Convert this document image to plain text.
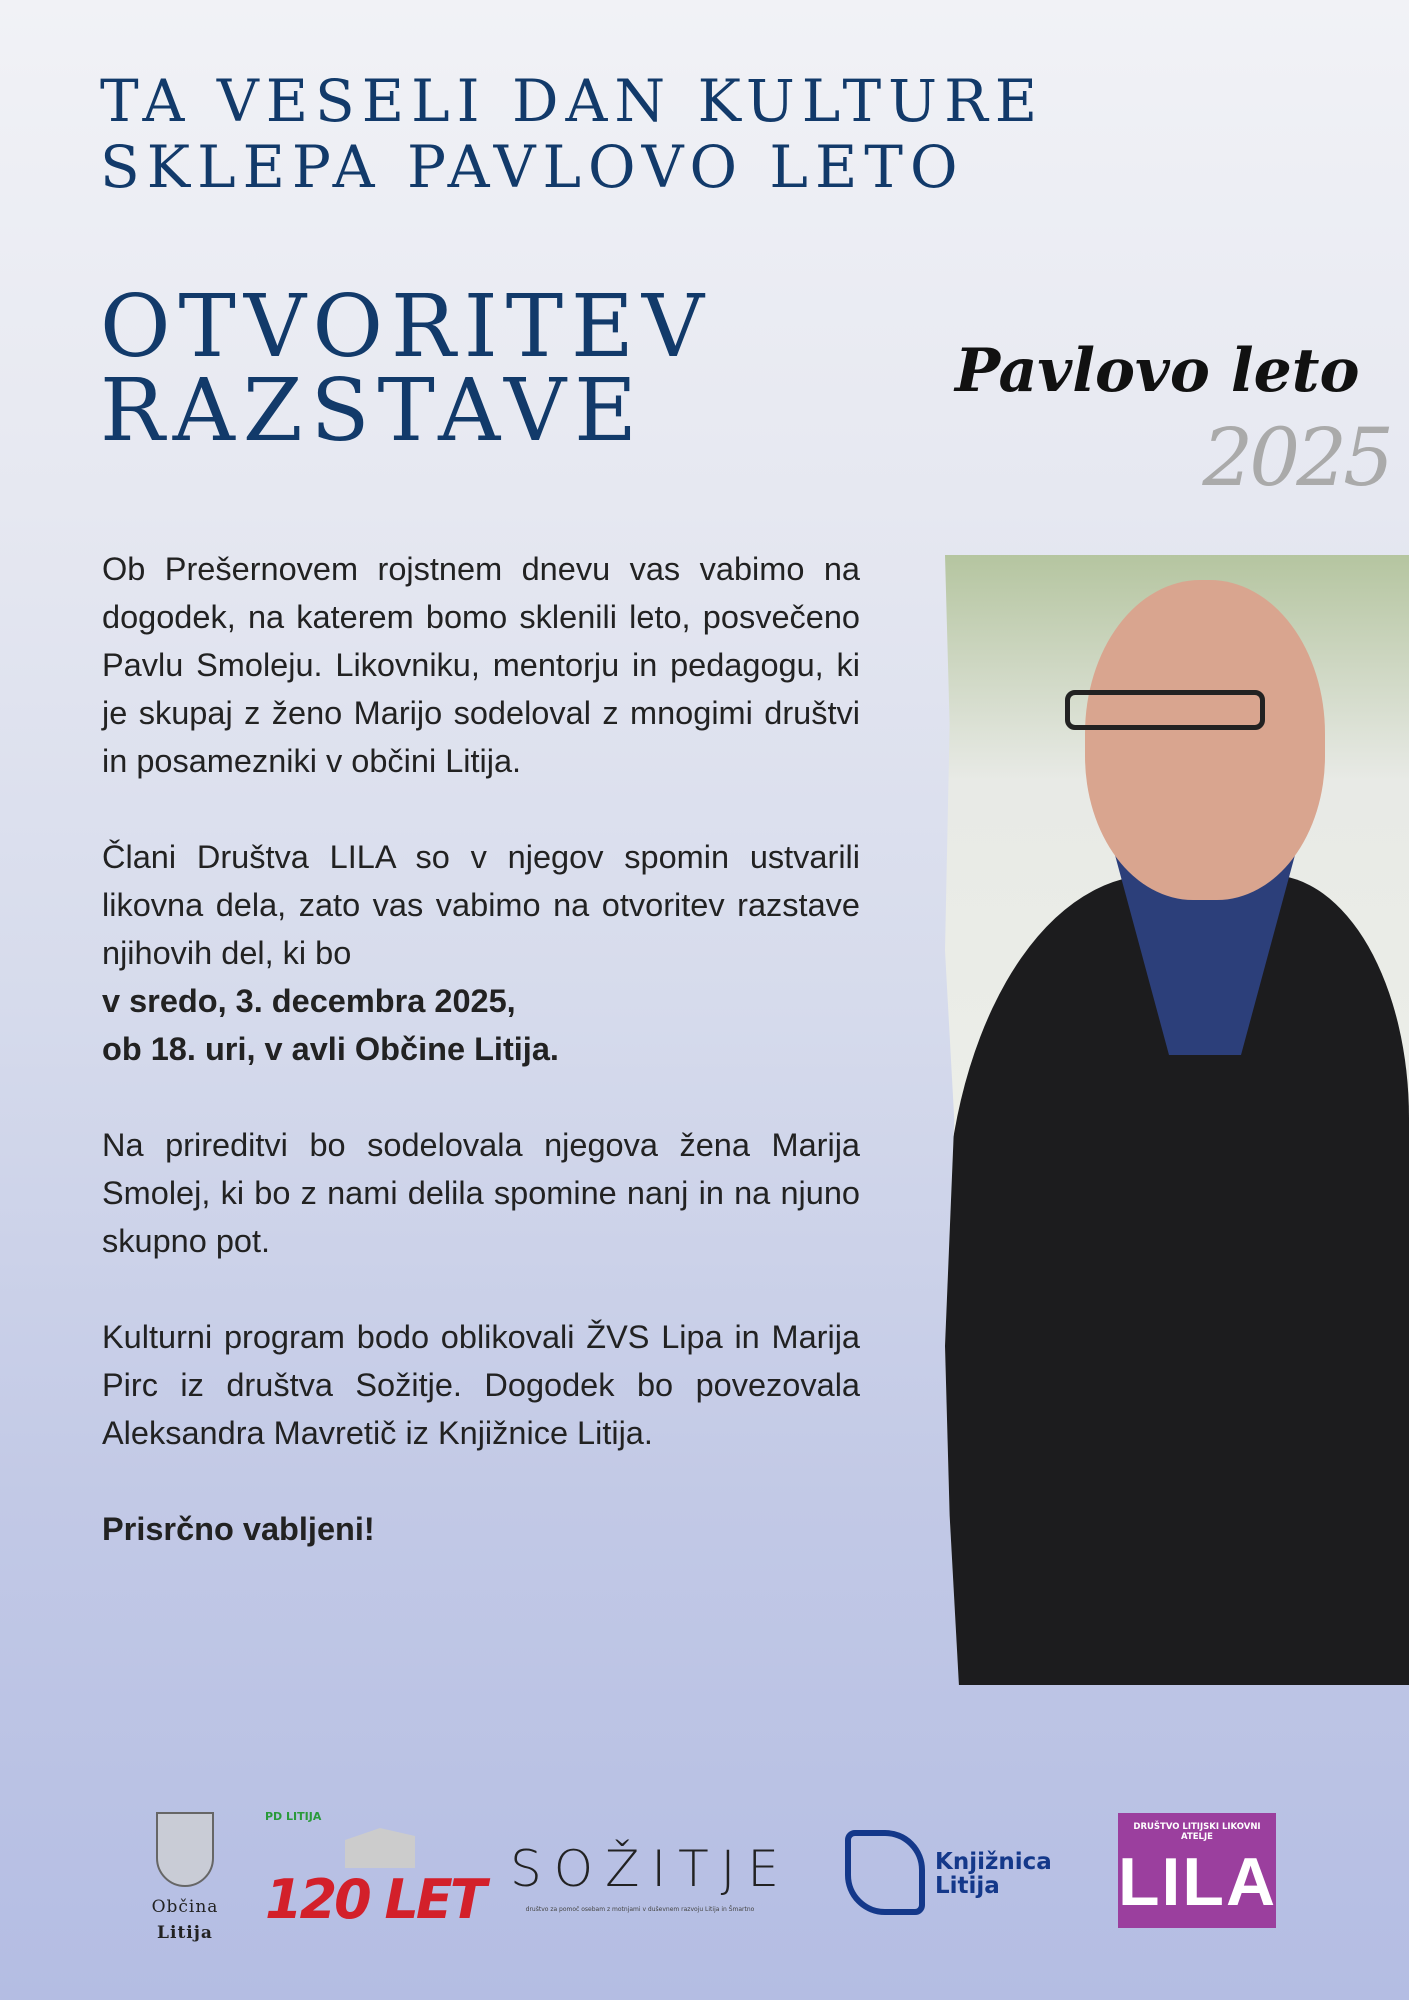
TA VESELI DAN KULTURE
SKLEPA PAVLOVO LETO
OTVORITEV
RAZSTAVE	Pavlovo leto
2025

Ob Prešernovem rojstnem dnevu vas vabimo na dogodek, na katerem bomo sklenili leto, posvečeno Pavlu Smoleju. Likovniku, mentorju in pedagogu, ki je skupaj z ženo Marijo sodeloval z mnogimi društvi in posamezniki v občini Litija.

Člani Društva LILA so v njegov spomin ustvarili likovna dela, zato vas vabimo na otvoritev razstave njihovih del, ki bo
v sredo, 3. decembra 2025,
ob 18. uri, v avli Občine Litija.

Na prireditvi bo sodelovala njegova žena Marija Smolej, ki bo z nami delila spomine nanj in na njuno skupno pot.

Kulturni program bodo oblikovali ŽVS Lipa in Marija Pirc iz društva Sožitje. Dogodek bo povezovala Aleksandra Mavretič iz Knjižnice Litija.

Prisrčno vabljeni!

Občina
Litija
PD LITIJA
120 LET SOŽITJE
društvo za pomoč osebam z motnjami v duševnem razvoju Litija in Šmartno
Knjižnica
Litija
DRUŠTVO LITIJSKI LIKOVNI ATELJE
LILA
